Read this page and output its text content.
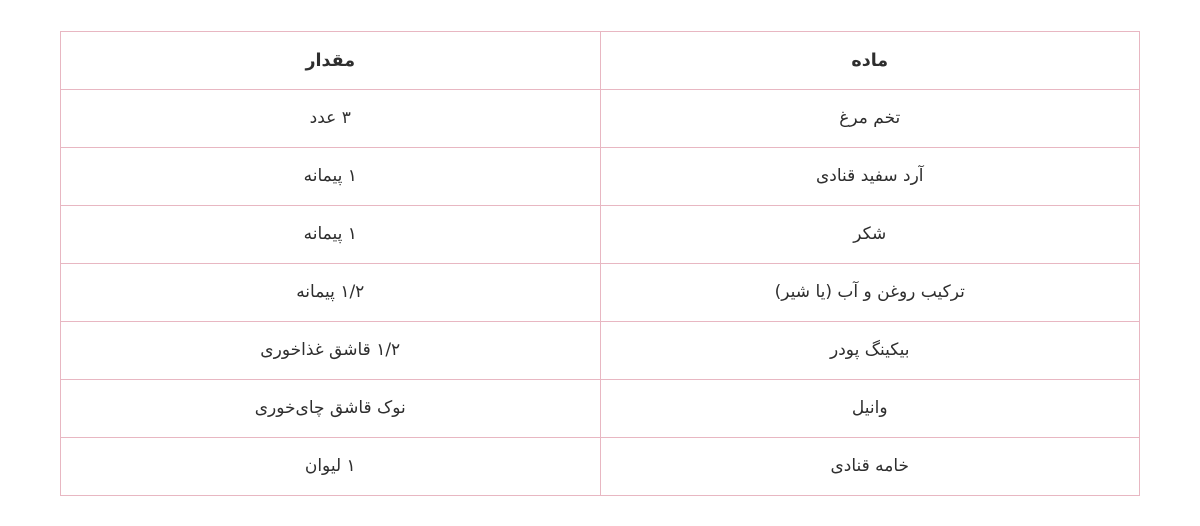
ماده	مقدار
تخم مرغ	۳ عدد
آرد سفید قنادی	۱ پیمانه
شکر	۱ پیمانه
ترکیب روغن و آب (یا شیر)	۱/۲ پیمانه
بیکینگ پودر	۱/۲ قاشق غذاخوری
وانیل	نوک قاشق چای‌خوری
خامه قنادی	۱ لیوان
